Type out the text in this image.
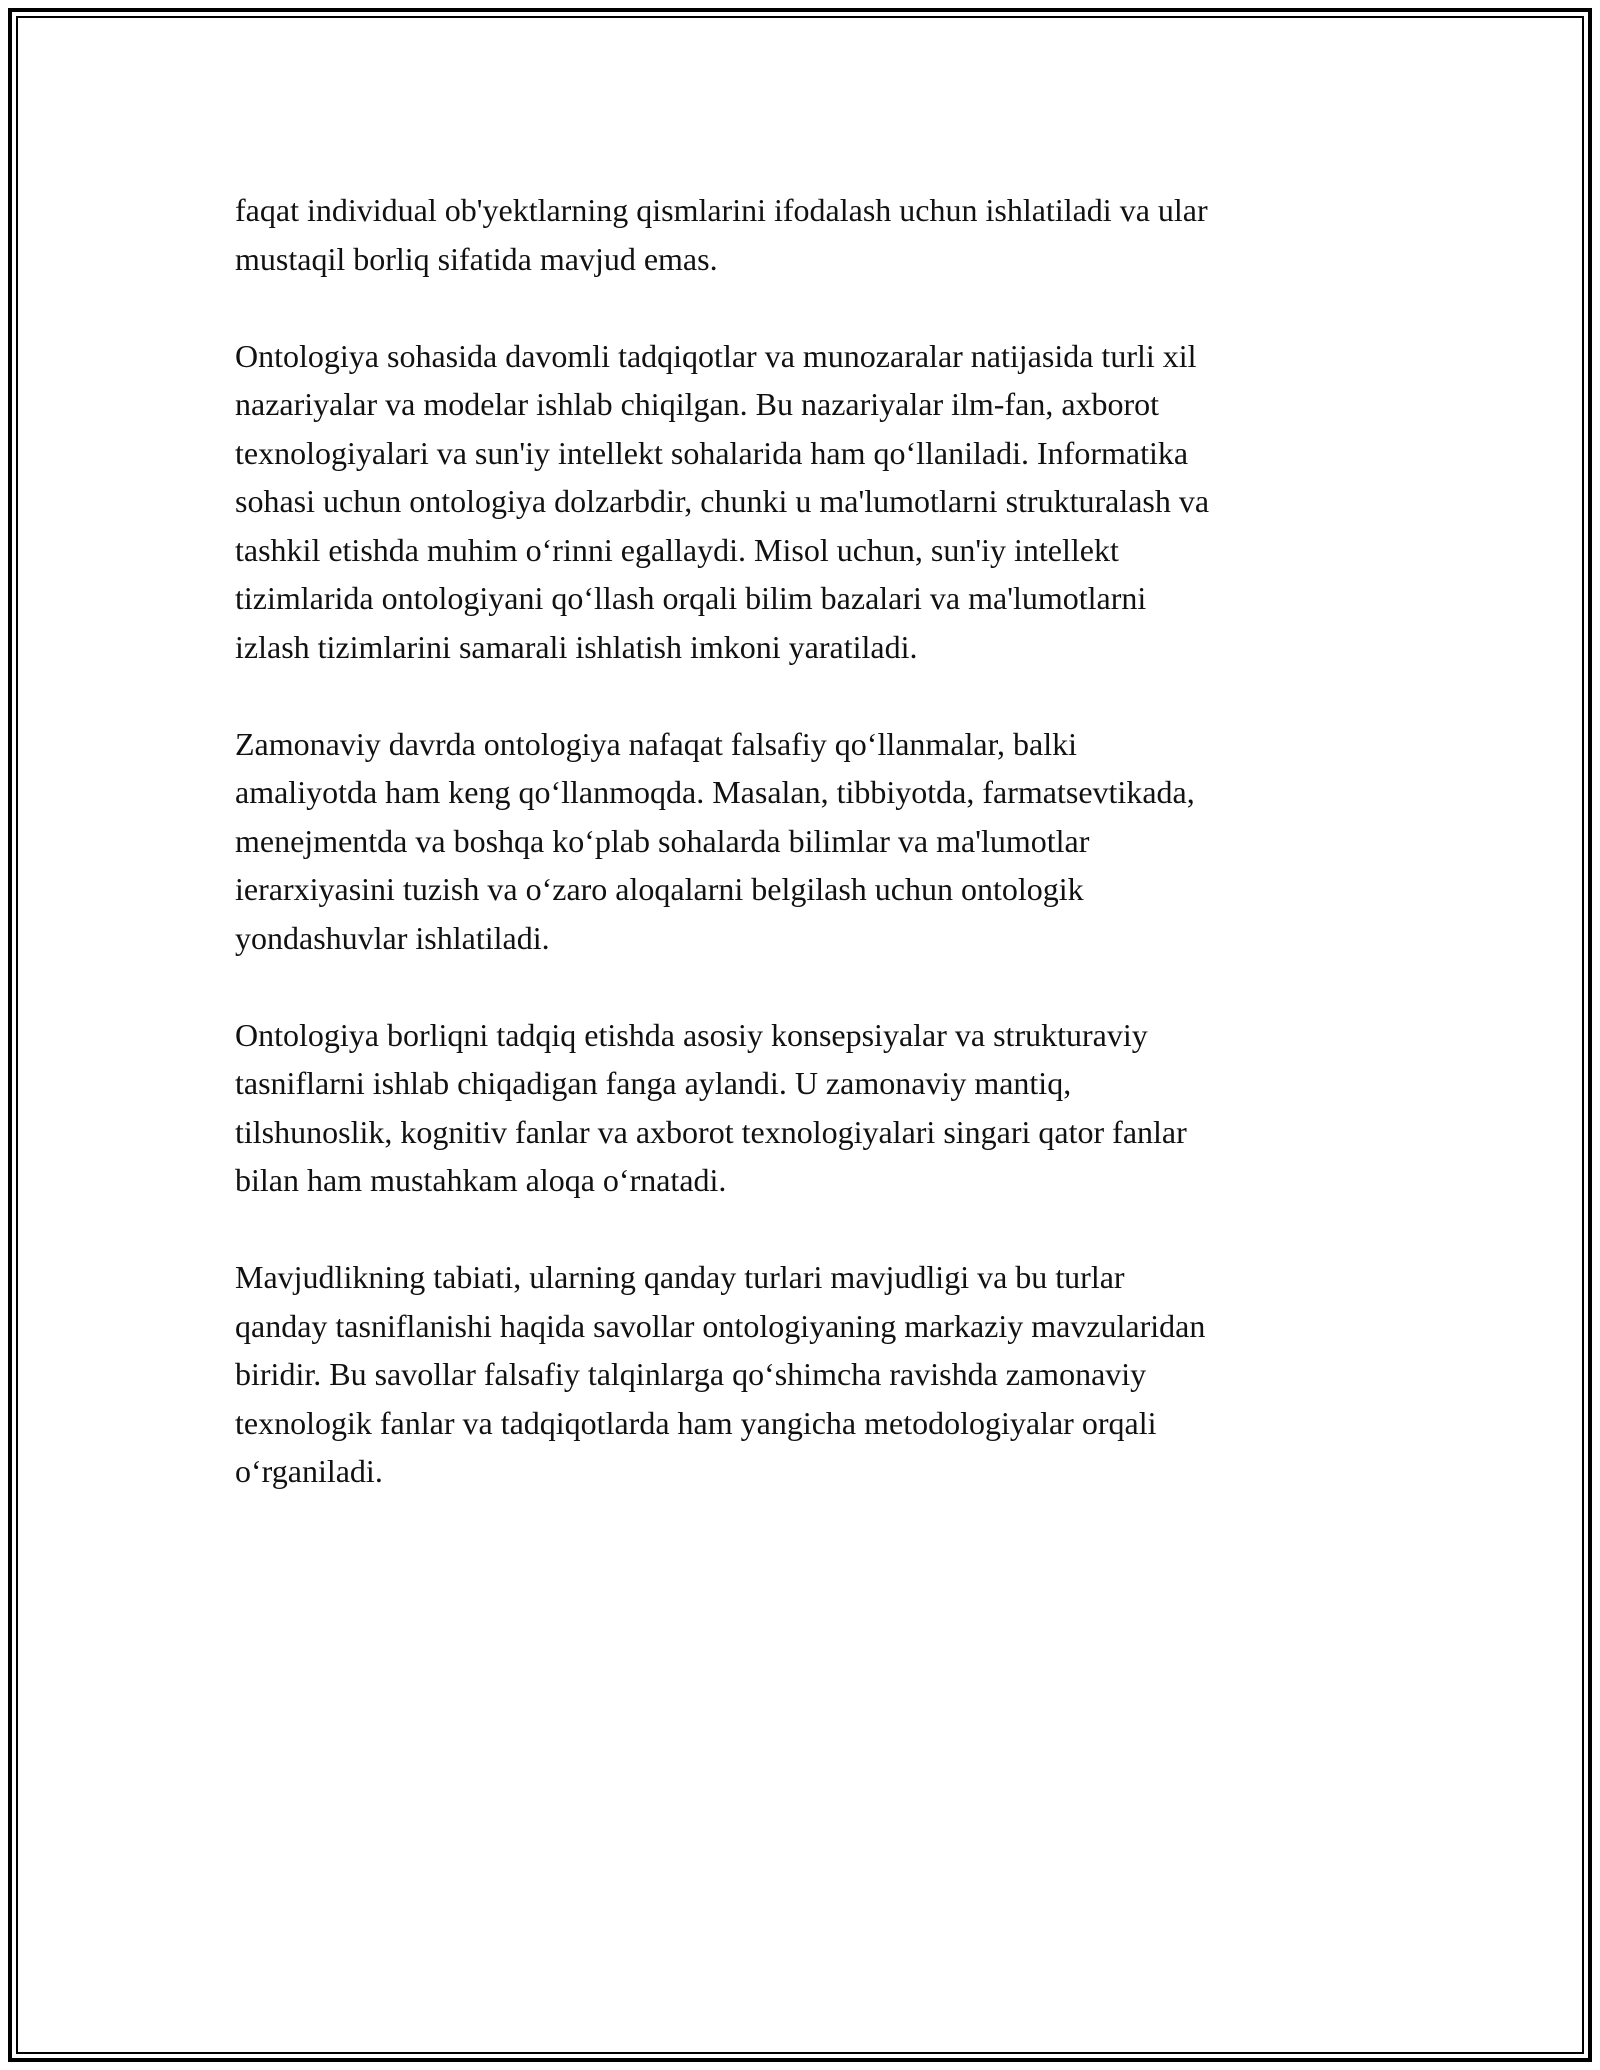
faqat individual ob'yektlarning qismlarini ifodalash uchun ishlatiladi va ular
mustaqil borliq sifatida mavjud emas.

Ontologiya sohasida davomli tadqiqotlar va munozaralar natijasida turli xil
nazariyalar va modelar ishlab chiqilgan. Bu nazariyalar ilm-fan, axborot
texnologiyalari va sun'iy intellekt sohalarida ham qo‘llaniladi. Informatika
sohasi uchun ontologiya dolzarbdir, chunki u ma'lumotlarni strukturalash va
tashkil etishda muhim o‘rinni egallaydi. Misol uchun, sun'iy intellekt
tizimlarida ontologiyani qo‘llash orqali bilim bazalari va ma'lumotlarni
izlash tizimlarini samarali ishlatish imkoni yaratiladi.

Zamonaviy davrda ontologiya nafaqat falsafiy qo‘llanmalar, balki
amaliyotda ham keng qo‘llanmoqda. Masalan, tibbiyotda, farmatsevtikada,
menejmentda va boshqa ko‘plab sohalarda bilimlar va ma'lumotlar
ierarxiyasini tuzish va o‘zaro aloqalarni belgilash uchun ontologik
yondashuvlar ishlatiladi.

Ontologiya borliqni tadqiq etishda asosiy konsepsiyalar va strukturaviy
tasniflarni ishlab chiqadigan fanga aylandi. U zamonaviy mantiq,
tilshunoslik, kognitiv fanlar va axborot texnologiyalari singari qator fanlar
bilan ham mustahkam aloqa o‘rnatadi.

Mavjudlikning tabiati, ularning qanday turlari mavjudligi va bu turlar
qanday tasniflanishi haqida savollar ontologiyaning markaziy mavzularidan
biridir. Bu savollar falsafiy talqinlarga qo‘shimcha ravishda zamonaviy
texnologik fanlar va tadqiqotlarda ham yangicha metodologiyalar orqali
o‘rganiladi.
